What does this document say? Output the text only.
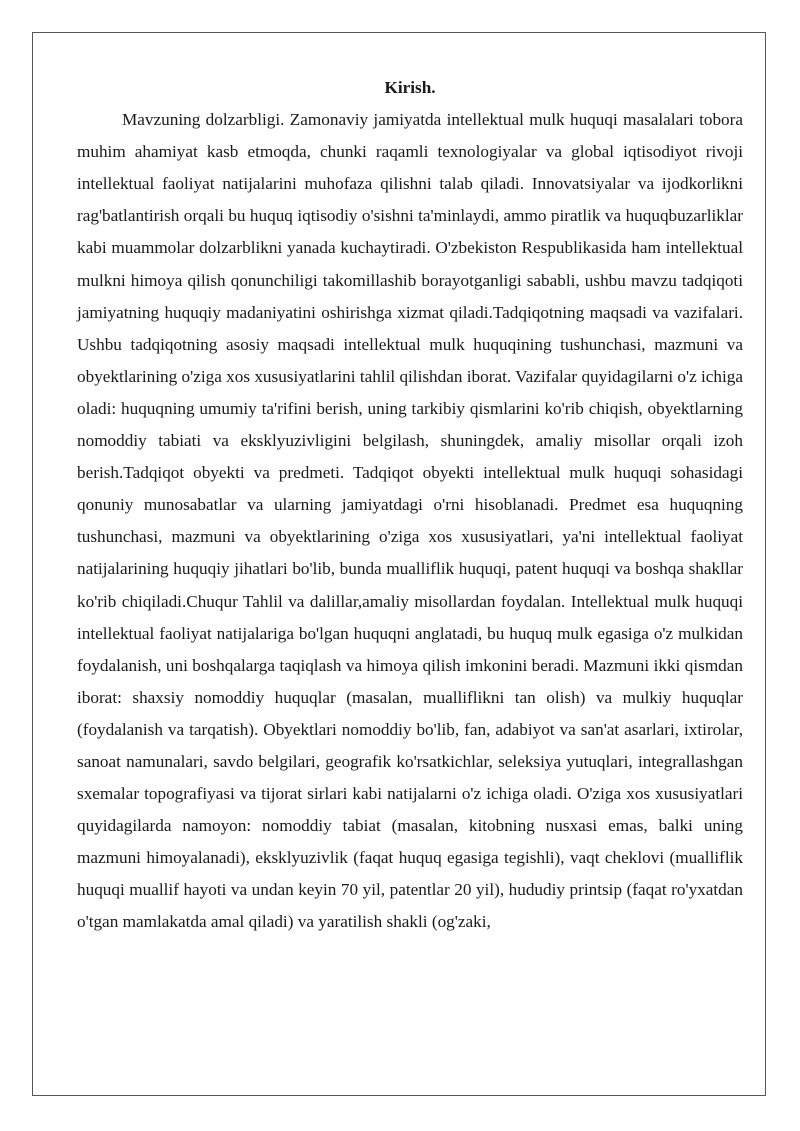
Kirish.

Mavzuning dolzarbligi. Zamonaviy jamiyatda intellektual mulk huquqi masalalari tobora muhim ahamiyat kasb etmoqda, chunki raqamli texnologiyalar va global iqtisodiyot rivoji intellektual faoliyat natijalarini muhofaza qilishni talab qiladi. Innovatsiyalar va ijodkorlikni rag'batlantirish orqali bu huquq iqtisodiy o'sishni ta'minlaydi, ammo piratlik va huquqbuzarliklar kabi muammolar dolzarblikni yanada kuchaytiradi. O'zbekiston Respublikasida ham intellektual mulkni himoya qilish qonunchiligi takomillashib borayotganligi sababli, ushbu mavzu tadqiqoti jamiyatning huquqiy madaniyatini oshirishga xizmat qiladi.Tadqiqotning maqsadi va vazifalari. Ushbu tadqiqotning asosiy maqsadi intellektual mulk huquqining tushunchasi, mazmuni va obyektlarining o'ziga xos xususiyatlarini tahlil qilishdan iborat. Vazifalar quyidagilarni o'z ichiga oladi: huquqning umumiy ta'rifini berish, uning tarkibiy qismlarini ko'rib chiqish, obyektlarning nomoddiy tabiati va eksklyuzivligini belgilash, shuningdek, amaliy misollar orqali izoh berish.Tadqiqot obyekti va predmeti. Tadqiqot obyekti intellektual mulk huquqi sohasidagi qonuniy munosabatlar va ularning jamiyatdagi o'rni hisoblanadi. Predmet esa huquqning tushunchasi, mazmuni va obyektlarining o'ziga xos xususiyatlari, ya'ni intellektual faoliyat natijalarining huquqiy jihatlari bo'lib, bunda mualliflik huquqi, patent huquqi va boshqa shakllar ko'rib chiqiladi.Chuqur Tahlil va dalillar,amaliy misollardan foydalan. Intellektual mulk huquqi intellektual faoliyat natijalariga bo'lgan huquqni anglatadi, bu huquq mulk egasiga o'z mulkidan foydalanish, uni boshqalarga taqiqlash va himoya qilish imkonini beradi. Mazmuni ikki qismdan iborat: shaxsiy nomoddiy huquqlar (masalan, mualliflikni tan olish) va mulkiy huquqlar (foydalanish va tarqatish). Obyektlari nomoddiy bo'lib, fan, adabiyot va san'at asarlari, ixtirolar, sanoat namunalari, savdo belgilari, geografik ko'rsatkichlar, seleksiya yutuqlari, integrallashgan sxemalar topografiyasi va tijorat sirlari kabi natijalarni o'z ichiga oladi. O'ziga xos xususiyatlari quyidagilarda namoyon: nomoddiy tabiat (masalan, kitobning nusxasi emas, balki uning mazmuni himoyalanadi), eksklyuzivlik (faqat huquq egasiga tegishli), vaqt cheklovi (mualliflik huquqi muallif hayoti va undan keyin 70 yil, patentlar 20 yil), hududiy printsip (faqat ro'yxatdan o'tgan mamlakatda amal qiladi) va yaratilish shakli (og'zaki,
